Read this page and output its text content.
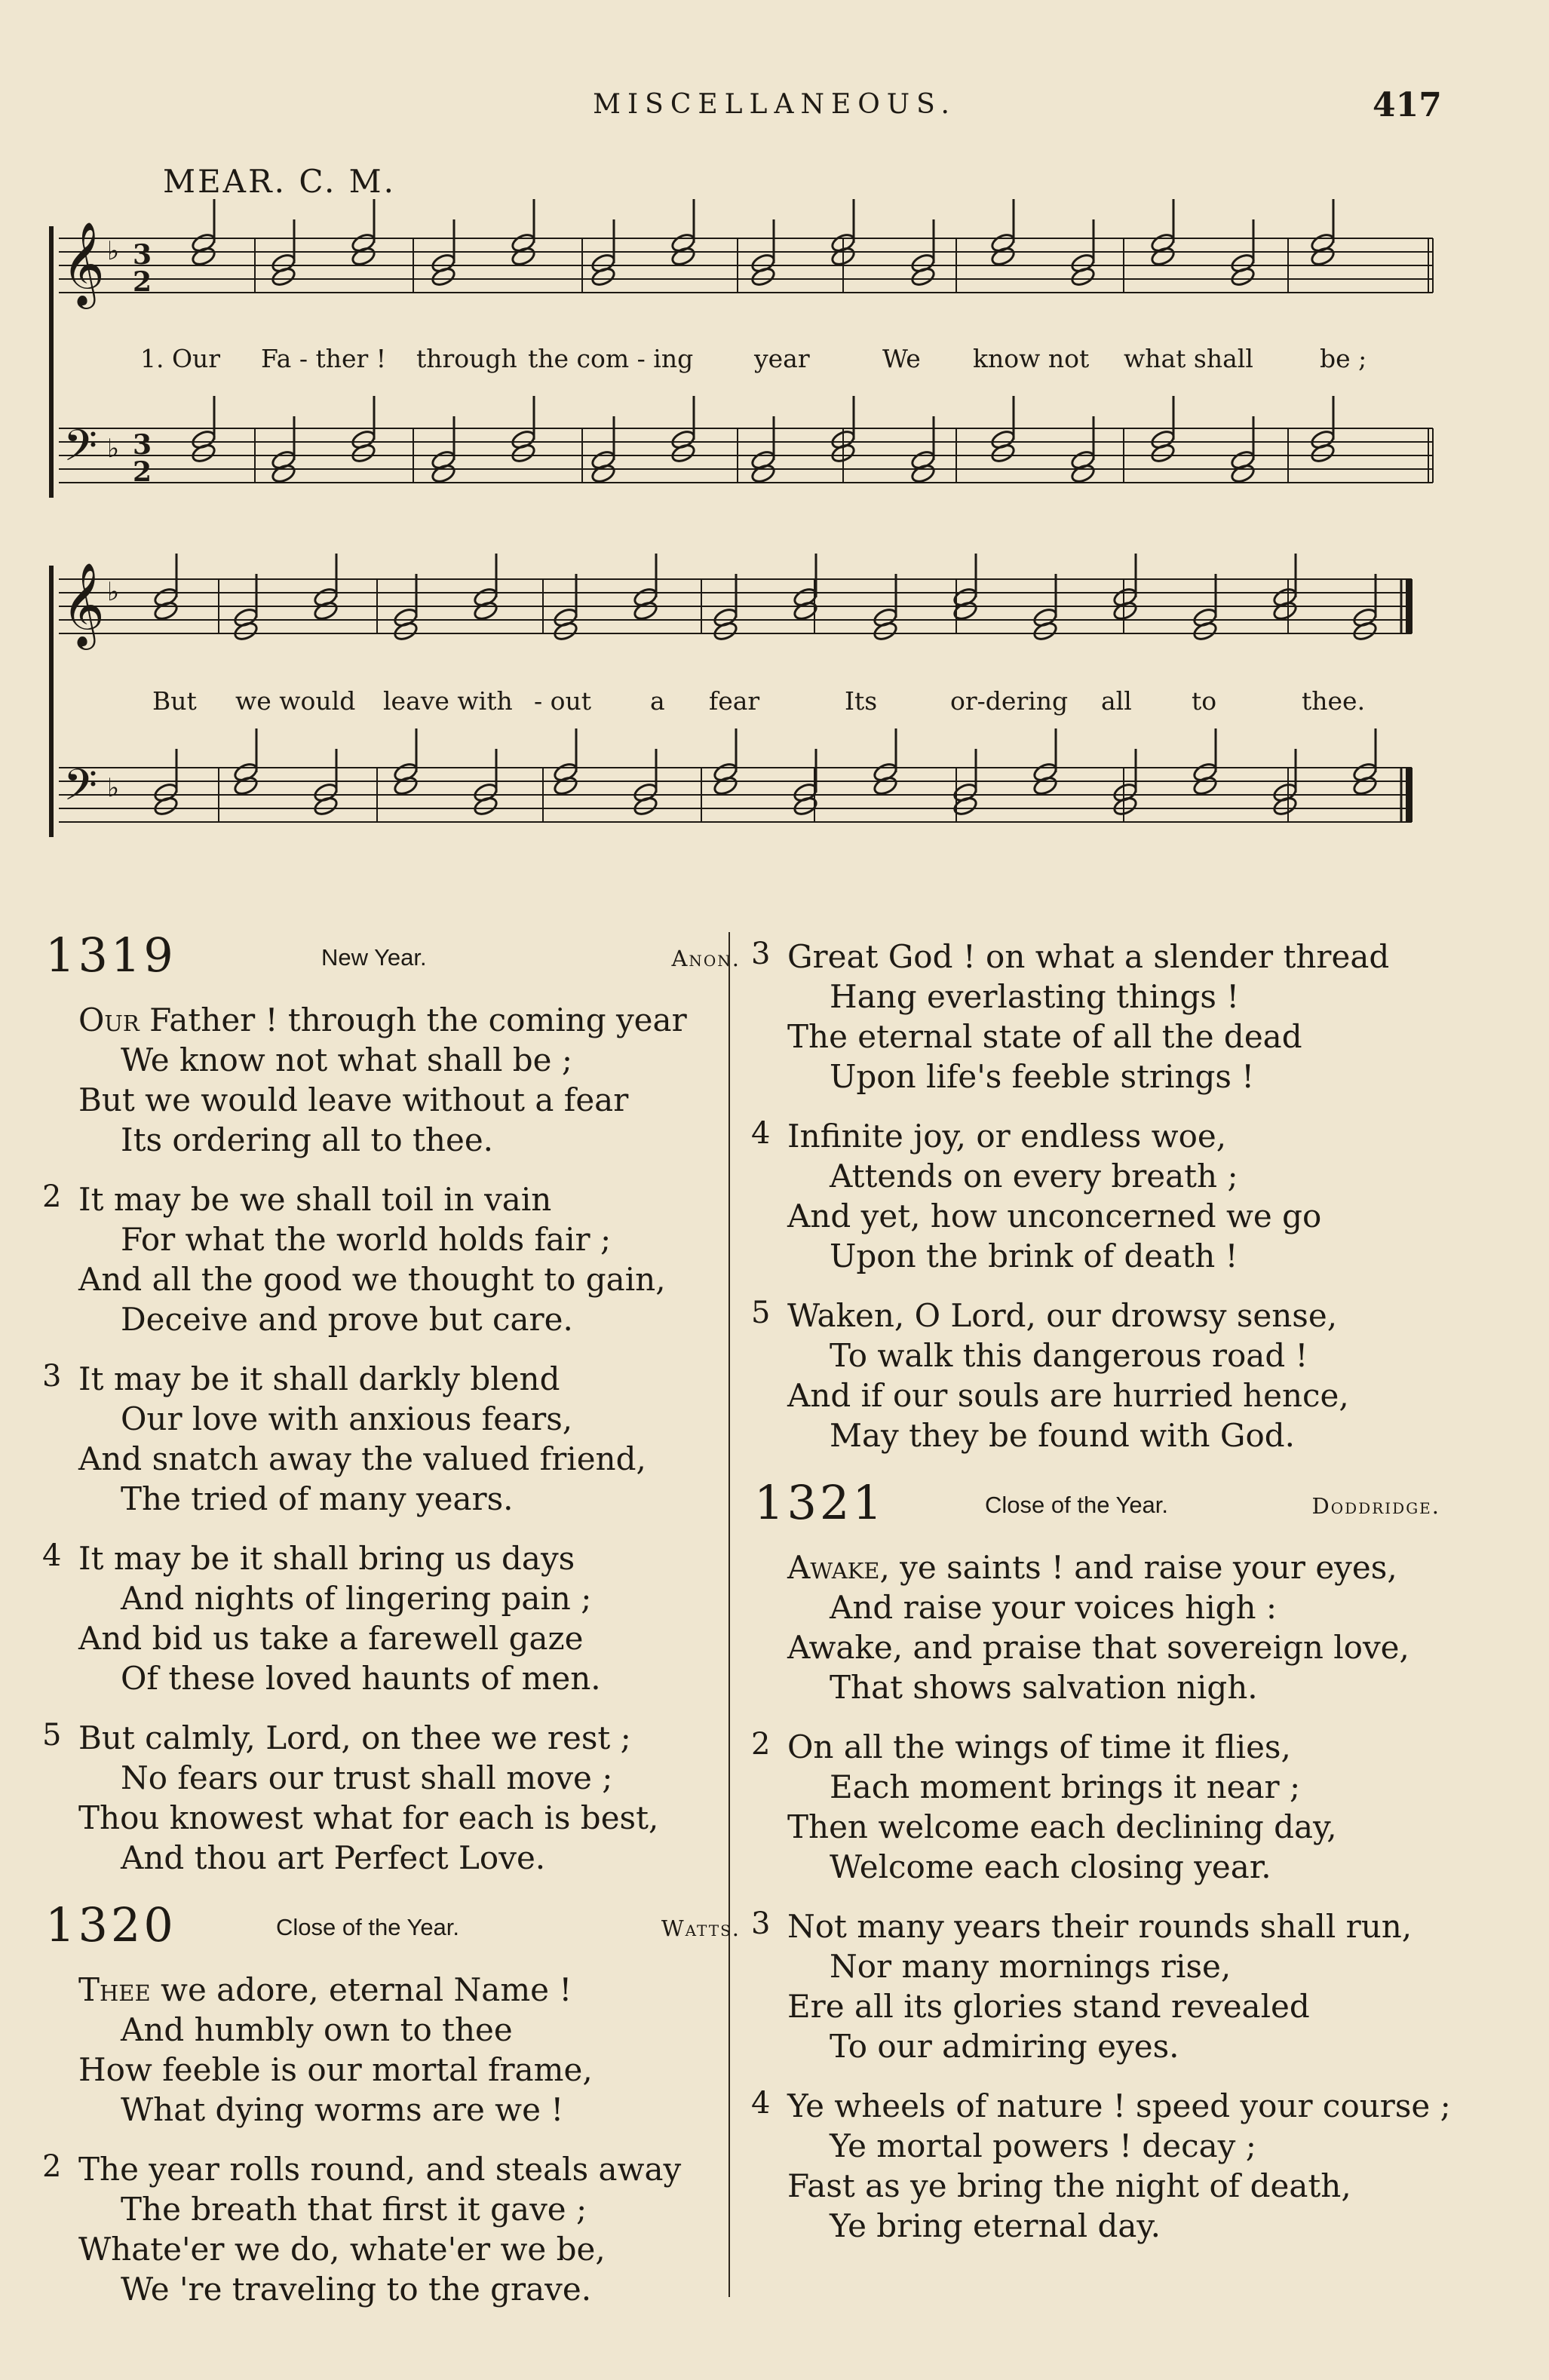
MISCELLANEOUS.	417
MEAR. C. M.
𝄞 ♭ 3
2
𝄢 ♭ 3
2
𝄞 ♭
𝄢 ♭
1. Our Fa - ther ! through the com - ing year	We know not what shall	be ;
But we would leave with - out a fear	Its	or-dering all to	thee.
1319	New Year.	Anon.
Our Father ! through the coming year
We know not what shall be ;
But we would leave without a fear
Its ordering all to thee.
2 It may be we shall toil in vain
For what the world holds fair ;
And all the good we thought to gain,
Deceive and prove but care.
3 It may be it shall darkly blend
Our love with anxious fears,
And snatch away the valued friend,
The tried of many years.
4 It may be it shall bring us days
And nights of lingering pain ;
And bid us take a farewell gaze
Of these loved haunts of men.
5 But calmly, Lord, on thee we rest ;
No fears our trust shall move ;
Thou knowest what for each is best,
And thou art Perfect Love.
1320	Close of the Year.	Watts.
Thee we adore, eternal Name !
And humbly own to thee
How feeble is our mortal frame,
What dying worms are we !
2 The year rolls round, and steals away
The breath that first it gave ;
Whate'er we do, whate'er we be,
We 're traveling to the grave.
3 Great God ! on what a slender thread
Hang everlasting things !
The eternal state of all the dead
Upon life's feeble strings !
4 Infinite joy, or endless woe,
Attends on every breath ;
And yet, how unconcerned we go
Upon the brink of death !
5 Waken, O Lord, our drowsy sense,
To walk this dangerous road !
And if our souls are hurried hence,
May they be found with God.
1321	Close of the Year.	Doddridge.
Awake, ye saints ! and raise your eyes,
And raise your voices high :
Awake, and praise that sovereign love,
That shows salvation nigh.
2 On all the wings of time it flies,
Each moment brings it near ;
Then welcome each declining day,
Welcome each closing year.
3 Not many years their rounds shall run,
Nor many mornings rise,
Ere all its glories stand revealed
To our admiring eyes.
4 Ye wheels of nature ! speed your course ;
Ye mortal powers ! decay ;
Fast as ye bring the night of death,
Ye bring eternal day.
